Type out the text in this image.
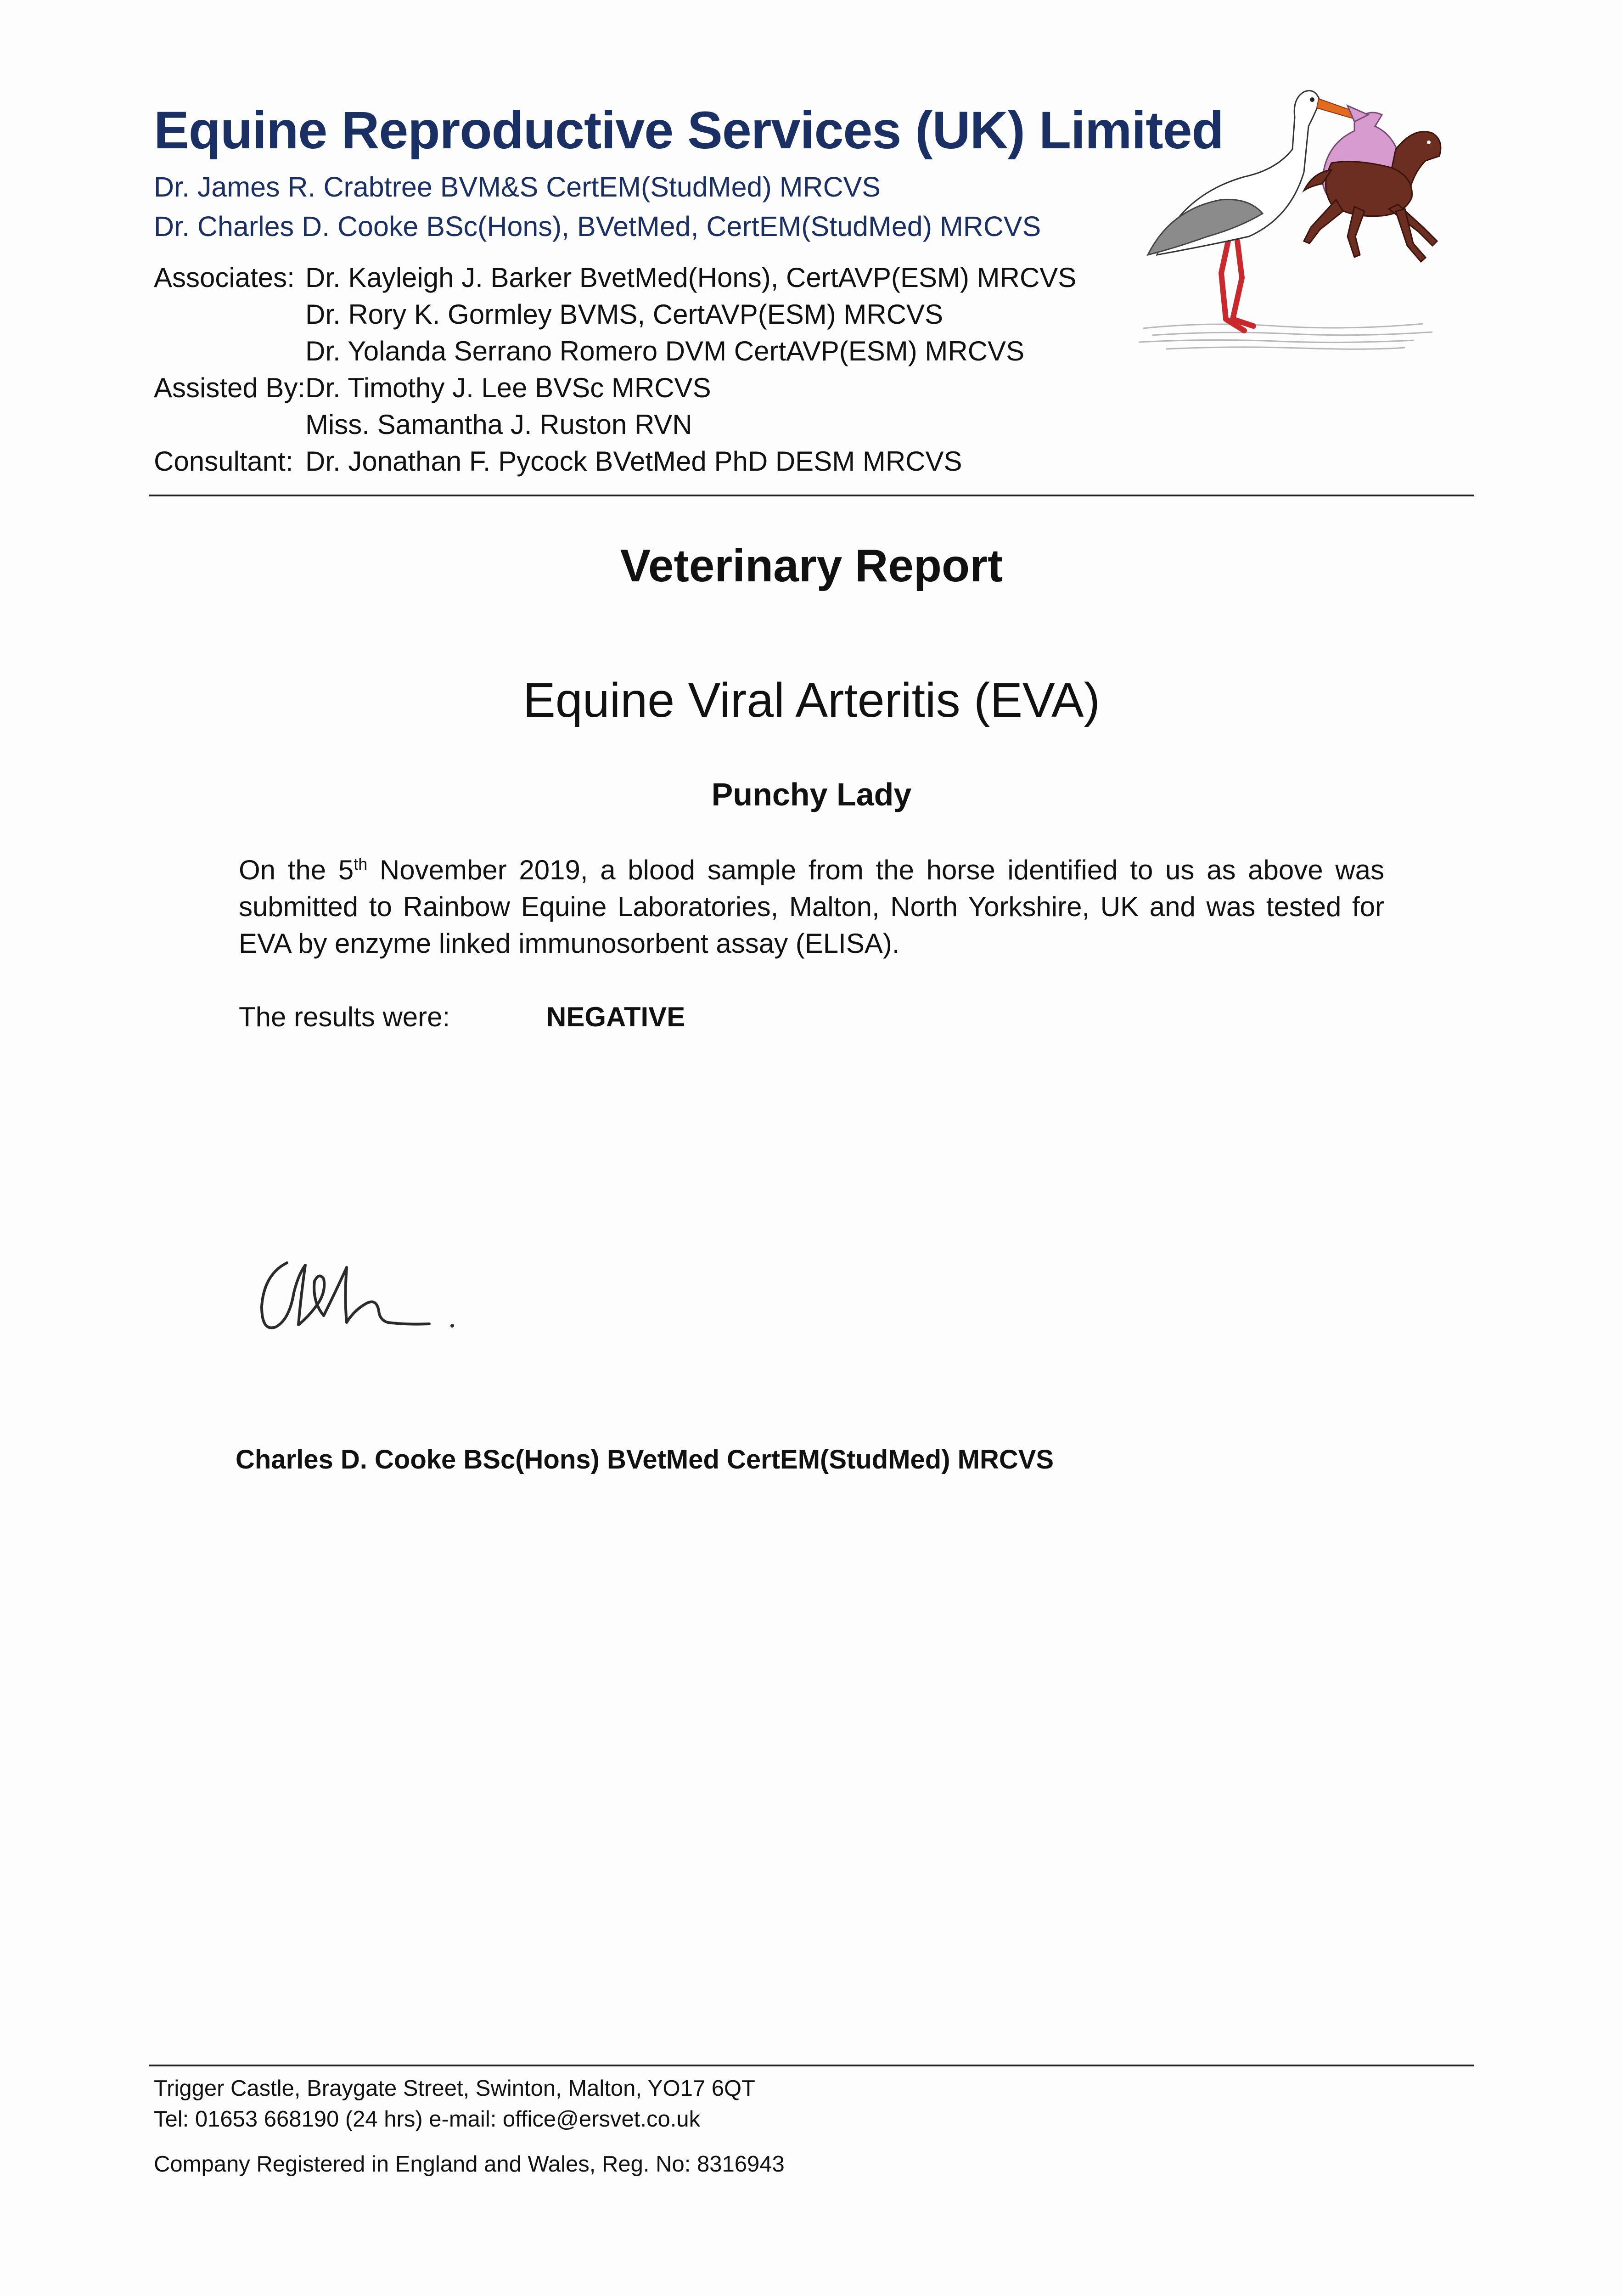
Equine Reproductive Services (UK) Limited
Dr. James R. Crabtree BVM&S CertEM(StudMed) MRCVS
Dr. Charles D. Cooke BSc(Hons), BVetMed, CertEM(StudMed) MRCVS
Associates: Dr. Kayleigh J. Barker BvetMed(Hons), CertAVP(ESM) MRCVS
Dr. Rory K. Gormley BVMS, CertAVP(ESM) MRCVS
Dr. Yolanda Serrano Romero DVM CertAVP(ESM) MRCVS
Assisted By: Dr. Timothy J. Lee BVSc MRCVS
Miss. Samantha J. Ruston RVN
Consultant: Dr. Jonathan F. Pycock BVetMed PhD DESM MRCVS
Veterinary Report
Equine Viral Arteritis (EVA)
Punchy Lady
On the 5th November 2019, a blood sample from the horse identified to us as above was submitted to Rainbow Equine Laboratories, Malton, North Yorkshire, UK and was tested for EVA by enzyme linked immunosorbent assay (ELISA).
The results were:	NEGATIVE
Charles D. Cooke BSc(Hons) BVetMed CertEM(StudMed) MRCVS
Trigger Castle, Braygate Street, Swinton, Malton, YO17 6QT
Tel: 01653 668190 (24 hrs) e-mail: office@ersvet.co.uk
Company Registered in England and Wales, Reg. No: 8316943
